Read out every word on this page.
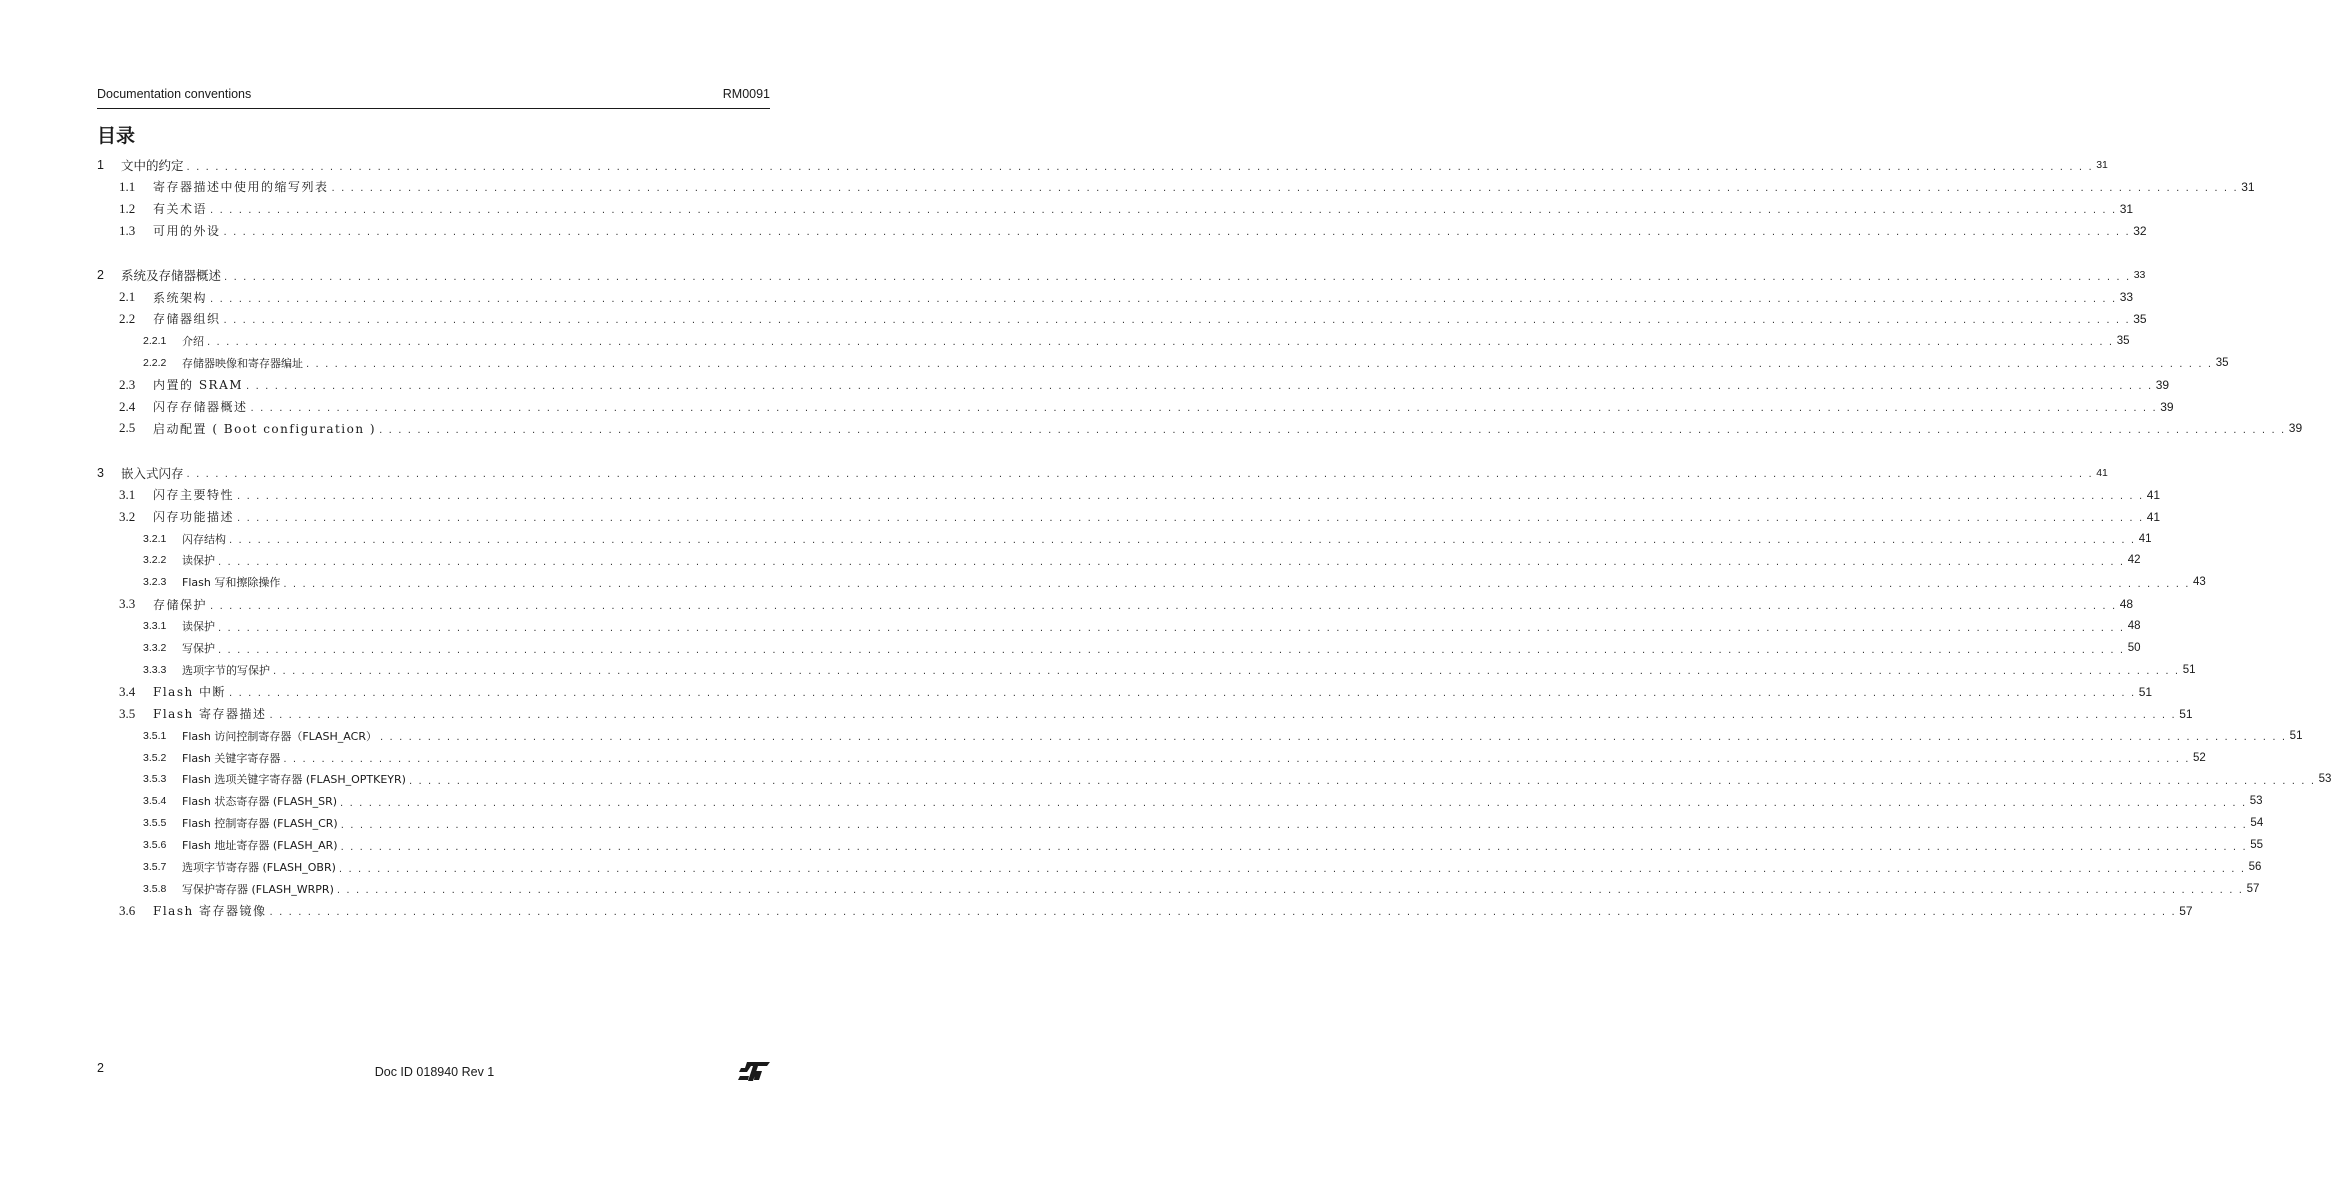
Documentation conventions	RM0091
目录
1	文中的约定 . . . . . . . . . . . . . . . . . . . . . . . . . . . . . . . . . . . . . . . . . . . . . . . . . . . . . . . . . . . . . . . . . . . . . . . . . . . . . . . . . . . . . . . . . . . . . . . . . . . . . . . . . . . . . . . . . . . . . . . . . . . . . . . . . . . . . . . . . . . . . . . . . . . . . . . . . . . . . . . . . . . . . . . . . . . . . . . . . . . . . . . . . . . . . . . . . . . . . . . . 31
1.1	寄存器描述中使用的缩写列表 . . . . . . . . . . . . . . . . . . . . . . . . . . . . . . . . . . . . . . . . . . . . . . . . . . . . . . . . . . . . . . . . . . . . . . . . . . . . . . . . . . . . . . . . . . . . . . . . . . . . . . . . . . . . . . . . . . . . . . . . . . . . . . . . . . . . . . . . . . . . . . . . . . . . . . . . . . . . . . . . . . . . . . . . . . . . . . . . . . . . . . . . . . . . . . . . . . . . . . . . 31
1.2	有关术语 . . . . . . . . . . . . . . . . . . . . . . . . . . . . . . . . . . . . . . . . . . . . . . . . . . . . . . . . . . . . . . . . . . . . . . . . . . . . . . . . . . . . . . . . . . . . . . . . . . . . . . . . . . . . . . . . . . . . . . . . . . . . . . . . . . . . . . . . . . . . . . . . . . . . . . . . . . . . . . . . . . . . . . . . . . . . . . . . . . . . . . . . . . . . . . . . . . . . . . . . 31
1.3	可用的外设 . . . . . . . . . . . . . . . . . . . . . . . . . . . . . . . . . . . . . . . . . . . . . . . . . . . . . . . . . . . . . . . . . . . . . . . . . . . . . . . . . . . . . . . . . . . . . . . . . . . . . . . . . . . . . . . . . . . . . . . . . . . . . . . . . . . . . . . . . . . . . . . . . . . . . . . . . . . . . . . . . . . . . . . . . . . . . . . . . . . . . . . . . . . . . . . . . . . . . . . . 32
2	系统及存储器概述 . . . . . . . . . . . . . . . . . . . . . . . . . . . . . . . . . . . . . . . . . . . . . . . . . . . . . . . . . . . . . . . . . . . . . . . . . . . . . . . . . . . . . . . . . . . . . . . . . . . . . . . . . . . . . . . . . . . . . . . . . . . . . . . . . . . . . . . . . . . . . . . . . . . . . . . . . . . . . . . . . . . . . . . . . . . . . . . . . . . . . . . . . . . . . . . . . . . . . . . . 33
2.1	系统架构 . . . . . . . . . . . . . . . . . . . . . . . . . . . . . . . . . . . . . . . . . . . . . . . . . . . . . . . . . . . . . . . . . . . . . . . . . . . . . . . . . . . . . . . . . . . . . . . . . . . . . . . . . . . . . . . . . . . . . . . . . . . . . . . . . . . . . . . . . . . . . . . . . . . . . . . . . . . . . . . . . . . . . . . . . . . . . . . . . . . . . . . . . . . . . . . . . . . . . . . . 33
2.2	存储器组织 . . . . . . . . . . . . . . . . . . . . . . . . . . . . . . . . . . . . . . . . . . . . . . . . . . . . . . . . . . . . . . . . . . . . . . . . . . . . . . . . . . . . . . . . . . . . . . . . . . . . . . . . . . . . . . . . . . . . . . . . . . . . . . . . . . . . . . . . . . . . . . . . . . . . . . . . . . . . . . . . . . . . . . . . . . . . . . . . . . . . . . . . . . . . . . . . . . . . . . . . 35
2.2.1	介绍 . . . . . . . . . . . . . . . . . . . . . . . . . . . . . . . . . . . . . . . . . . . . . . . . . . . . . . . . . . . . . . . . . . . . . . . . . . . . . . . . . . . . . . . . . . . . . . . . . . . . . . . . . . . . . . . . . . . . . . . . . . . . . . . . . . . . . . . . . . . . . . . . . . . . . . . . . . . . . . . . . . . . . . . . . . . . . . . . . . . . . . . . . . . . . . . . . . . . . . . . 35
2.2.2	存储器映像和寄存器编址 . . . . . . . . . . . . . . . . . . . . . . . . . . . . . . . . . . . . . . . . . . . . . . . . . . . . . . . . . . . . . . . . . . . . . . . . . . . . . . . . . . . . . . . . . . . . . . . . . . . . . . . . . . . . . . . . . . . . . . . . . . . . . . . . . . . . . . . . . . . . . . . . . . . . . . . . . . . . . . . . . . . . . . . . . . . . . . . . . . . . . . . . . . . . . . . . . . . . . . . . 35
2.3	内置的 SRAM . . . . . . . . . . . . . . . . . . . . . . . . . . . . . . . . . . . . . . . . . . . . . . . . . . . . . . . . . . . . . . . . . . . . . . . . . . . . . . . . . . . . . . . . . . . . . . . . . . . . . . . . . . . . . . . . . . . . . . . . . . . . . . . . . . . . . . . . . . . . . . . . . . . . . . . . . . . . . . . . . . . . . . . . . . . . . . . . . . . . . . . . . . . . . . . . . . . . . . . . 39
2.4	闪存存储器概述 . . . . . . . . . . . . . . . . . . . . . . . . . . . . . . . . . . . . . . . . . . . . . . . . . . . . . . . . . . . . . . . . . . . . . . . . . . . . . . . . . . . . . . . . . . . . . . . . . . . . . . . . . . . . . . . . . . . . . . . . . . . . . . . . . . . . . . . . . . . . . . . . . . . . . . . . . . . . . . . . . . . . . . . . . . . . . . . . . . . . . . . . . . . . . . . . . . . . . . . . 39
2.5	启动配置 ( Boot configuration ) . . . . . . . . . . . . . . . . . . . . . . . . . . . . . . . . . . . . . . . . . . . . . . . . . . . . . . . . . . . . . . . . . . . . . . . . . . . . . . . . . . . . . . . . . . . . . . . . . . . . . . . . . . . . . . . . . . . . . . . . . . . . . . . . . . . . . . . . . . . . . . . . . . . . . . . . . . . . . . . . . . . . . . . . . . . . . . . . . . . . . . . . . . . . . . . . . . . . . . . . 39
3	嵌入式闪存 . . . . . . . . . . . . . . . . . . . . . . . . . . . . . . . . . . . . . . . . . . . . . . . . . . . . . . . . . . . . . . . . . . . . . . . . . . . . . . . . . . . . . . . . . . . . . . . . . . . . . . . . . . . . . . . . . . . . . . . . . . . . . . . . . . . . . . . . . . . . . . . . . . . . . . . . . . . . . . . . . . . . . . . . . . . . . . . . . . . . . . . . . . . . . . . . . . . . . . . . 41
3.1	闪存主要特性 . . . . . . . . . . . . . . . . . . . . . . . . . . . . . . . . . . . . . . . . . . . . . . . . . . . . . . . . . . . . . . . . . . . . . . . . . . . . . . . . . . . . . . . . . . . . . . . . . . . . . . . . . . . . . . . . . . . . . . . . . . . . . . . . . . . . . . . . . . . . . . . . . . . . . . . . . . . . . . . . . . . . . . . . . . . . . . . . . . . . . . . . . . . . . . . . . . . . . . . . 41
3.2	闪存功能描述 . . . . . . . . . . . . . . . . . . . . . . . . . . . . . . . . . . . . . . . . . . . . . . . . . . . . . . . . . . . . . . . . . . . . . . . . . . . . . . . . . . . . . . . . . . . . . . . . . . . . . . . . . . . . . . . . . . . . . . . . . . . . . . . . . . . . . . . . . . . . . . . . . . . . . . . . . . . . . . . . . . . . . . . . . . . . . . . . . . . . . . . . . . . . . . . . . . . . . . . . 41
3.2.1	闪存结构 . . . . . . . . . . . . . . . . . . . . . . . . . . . . . . . . . . . . . . . . . . . . . . . . . . . . . . . . . . . . . . . . . . . . . . . . . . . . . . . . . . . . . . . . . . . . . . . . . . . . . . . . . . . . . . . . . . . . . . . . . . . . . . . . . . . . . . . . . . . . . . . . . . . . . . . . . . . . . . . . . . . . . . . . . . . . . . . . . . . . . . . . . . . . . . . . . . . . . . . . 41
3.2.2	读保护 . . . . . . . . . . . . . . . . . . . . . . . . . . . . . . . . . . . . . . . . . . . . . . . . . . . . . . . . . . . . . . . . . . . . . . . . . . . . . . . . . . . . . . . . . . . . . . . . . . . . . . . . . . . . . . . . . . . . . . . . . . . . . . . . . . . . . . . . . . . . . . . . . . . . . . . . . . . . . . . . . . . . . . . . . . . . . . . . . . . . . . . . . . . . . . . . . . . . . . . . 42
3.2.3	Flash 写和擦除操作 . . . . . . . . . . . . . . . . . . . . . . . . . . . . . . . . . . . . . . . . . . . . . . . . . . . . . . . . . . . . . . . . . . . . . . . . . . . . . . . . . . . . . . . . . . . . . . . . . . . . . . . . . . . . . . . . . . . . . . . . . . . . . . . . . . . . . . . . . . . . . . . . . . . . . . . . . . . . . . . . . . . . . . . . . . . . . . . . . . . . . . . . . . . . . . . . . . . . . . . . 43
3.3	存储保护 . . . . . . . . . . . . . . . . . . . . . . . . . . . . . . . . . . . . . . . . . . . . . . . . . . . . . . . . . . . . . . . . . . . . . . . . . . . . . . . . . . . . . . . . . . . . . . . . . . . . . . . . . . . . . . . . . . . . . . . . . . . . . . . . . . . . . . . . . . . . . . . . . . . . . . . . . . . . . . . . . . . . . . . . . . . . . . . . . . . . . . . . . . . . . . . . . . . . . . . . 48
3.3.1	读保护 . . . . . . . . . . . . . . . . . . . . . . . . . . . . . . . . . . . . . . . . . . . . . . . . . . . . . . . . . . . . . . . . . . . . . . . . . . . . . . . . . . . . . . . . . . . . . . . . . . . . . . . . . . . . . . . . . . . . . . . . . . . . . . . . . . . . . . . . . . . . . . . . . . . . . . . . . . . . . . . . . . . . . . . . . . . . . . . . . . . . . . . . . . . . . . . . . . . . . . . . 48
3.3.2	写保护 . . . . . . . . . . . . . . . . . . . . . . . . . . . . . . . . . . . . . . . . . . . . . . . . . . . . . . . . . . . . . . . . . . . . . . . . . . . . . . . . . . . . . . . . . . . . . . . . . . . . . . . . . . . . . . . . . . . . . . . . . . . . . . . . . . . . . . . . . . . . . . . . . . . . . . . . . . . . . . . . . . . . . . . . . . . . . . . . . . . . . . . . . . . . . . . . . . . . . . . . 50
3.3.3	选项字节的写保护 . . . . . . . . . . . . . . . . . . . . . . . . . . . . . . . . . . . . . . . . . . . . . . . . . . . . . . . . . . . . . . . . . . . . . . . . . . . . . . . . . . . . . . . . . . . . . . . . . . . . . . . . . . . . . . . . . . . . . . . . . . . . . . . . . . . . . . . . . . . . . . . . . . . . . . . . . . . . . . . . . . . . . . . . . . . . . . . . . . . . . . . . . . . . . . . . . . . . . . . . 51
3.4	Flash 中断 . . . . . . . . . . . . . . . . . . . . . . . . . . . . . . . . . . . . . . . . . . . . . . . . . . . . . . . . . . . . . . . . . . . . . . . . . . . . . . . . . . . . . . . . . . . . . . . . . . . . . . . . . . . . . . . . . . . . . . . . . . . . . . . . . . . . . . . . . . . . . . . . . . . . . . . . . . . . . . . . . . . . . . . . . . . . . . . . . . . . . . . . . . . . . . . . . . . . . . . . 51
3.5	Flash 寄存器描述 . . . . . . . . . . . . . . . . . . . . . . . . . . . . . . . . . . . . . . . . . . . . . . . . . . . . . . . . . . . . . . . . . . . . . . . . . . . . . . . . . . . . . . . . . . . . . . . . . . . . . . . . . . . . . . . . . . . . . . . . . . . . . . . . . . . . . . . . . . . . . . . . . . . . . . . . . . . . . . . . . . . . . . . . . . . . . . . . . . . . . . . . . . . . . . . . . . . . . . . . 51
3.5.1	Flash 访问控制寄存器（FLASH_ACR） . . . . . . . . . . . . . . . . . . . . . . . . . . . . . . . . . . . . . . . . . . . . . . . . . . . . . . . . . . . . . . . . . . . . . . . . . . . . . . . . . . . . . . . . . . . . . . . . . . . . . . . . . . . . . . . . . . . . . . . . . . . . . . . . . . . . . . . . . . . . . . . . . . . . . . . . . . . . . . . . . . . . . . . . . . . . . . . . . . . . . . . . . . . . . . . . . . . . . . . . 51
3.5.2	Flash 关键字寄存器 . . . . . . . . . . . . . . . . . . . . . . . . . . . . . . . . . . . . . . . . . . . . . . . . . . . . . . . . . . . . . . . . . . . . . . . . . . . . . . . . . . . . . . . . . . . . . . . . . . . . . . . . . . . . . . . . . . . . . . . . . . . . . . . . . . . . . . . . . . . . . . . . . . . . . . . . . . . . . . . . . . . . . . . . . . . . . . . . . . . . . . . . . . . . . . . . . . . . . . . . 52
3.5.3	Flash 选项关键字寄存器 (FLASH_OPTKEYR) . . . . . . . . . . . . . . . . . . . . . . . . . . . . . . . . . . . . . . . . . . . . . . . . . . . . . . . . . . . . . . . . . . . . . . . . . . . . . . . . . . . . . . . . . . . . . . . . . . . . . . . . . . . . . . . . . . . . . . . . . . . . . . . . . . . . . . . . . . . . . . . . . . . . . . . . . . . . . . . . . . . . . . . . . . . . . . . . . . . . . . . . . . . . . . . . . . . . . . . . 53
3.5.4	Flash 状态寄存器 (FLASH_SR) . . . . . . . . . . . . . . . . . . . . . . . . . . . . . . . . . . . . . . . . . . . . . . . . . . . . . . . . . . . . . . . . . . . . . . . . . . . . . . . . . . . . . . . . . . . . . . . . . . . . . . . . . . . . . . . . . . . . . . . . . . . . . . . . . . . . . . . . . . . . . . . . . . . . . . . . . . . . . . . . . . . . . . . . . . . . . . . . . . . . . . . . . . . . . . . . . . . . . . . . 53
3.5.5	Flash 控制寄存器 (FLASH_CR) . . . . . . . . . . . . . . . . . . . . . . . . . . . . . . . . . . . . . . . . . . . . . . . . . . . . . . . . . . . . . . . . . . . . . . . . . . . . . . . . . . . . . . . . . . . . . . . . . . . . . . . . . . . . . . . . . . . . . . . . . . . . . . . . . . . . . . . . . . . . . . . . . . . . . . . . . . . . . . . . . . . . . . . . . . . . . . . . . . . . . . . . . . . . . . . . . . . . . . . . 54
3.5.6	Flash 地址寄存器 (FLASH_AR) . . . . . . . . . . . . . . . . . . . . . . . . . . . . . . . . . . . . . . . . . . . . . . . . . . . . . . . . . . . . . . . . . . . . . . . . . . . . . . . . . . . . . . . . . . . . . . . . . . . . . . . . . . . . . . . . . . . . . . . . . . . . . . . . . . . . . . . . . . . . . . . . . . . . . . . . . . . . . . . . . . . . . . . . . . . . . . . . . . . . . . . . . . . . . . . . . . . . . . . . 55
3.5.7	选项字节寄存器 (FLASH_OBR) . . . . . . . . . . . . . . . . . . . . . . . . . . . . . . . . . . . . . . . . . . . . . . . . . . . . . . . . . . . . . . . . . . . . . . . . . . . . . . . . . . . . . . . . . . . . . . . . . . . . . . . . . . . . . . . . . . . . . . . . . . . . . . . . . . . . . . . . . . . . . . . . . . . . . . . . . . . . . . . . . . . . . . . . . . . . . . . . . . . . . . . . . . . . . . . . . . . . . . . . 56
3.5.8	写保护寄存器 (FLASH_WRPR) . . . . . . . . . . . . . . . . . . . . . . . . . . . . . . . . . . . . . . . . . . . . . . . . . . . . . . . . . . . . . . . . . . . . . . . . . . . . . . . . . . . . . . . . . . . . . . . . . . . . . . . . . . . . . . . . . . . . . . . . . . . . . . . . . . . . . . . . . . . . . . . . . . . . . . . . . . . . . . . . . . . . . . . . . . . . . . . . . . . . . . . . . . . . . . . . . . . . . . . . 57
3.6	Flash 寄存器镜像 . . . . . . . . . . . . . . . . . . . . . . . . . . . . . . . . . . . . . . . . . . . . . . . . . . . . . . . . . . . . . . . . . . . . . . . . . . . . . . . . . . . . . . . . . . . . . . . . . . . . . . . . . . . . . . . . . . . . . . . . . . . . . . . . . . . . . . . . . . . . . . . . . . . . . . . . . . . . . . . . . . . . . . . . . . . . . . . . . . . . . . . . . . . . . . . . . . . . . . . . 57
2	Doc ID 018940 Rev 1
